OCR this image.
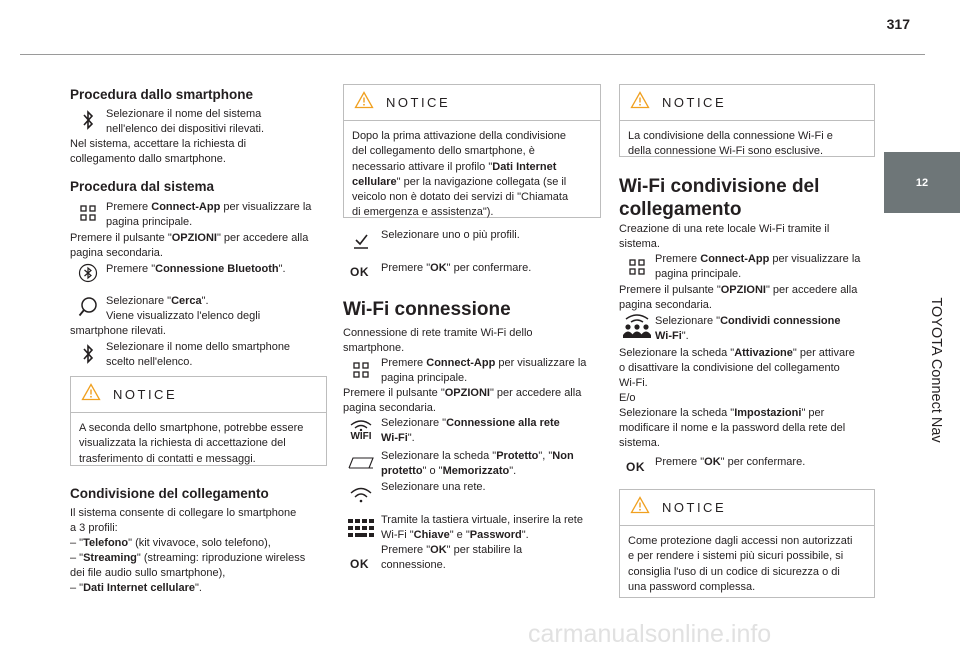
317
12
TOYOTA Connect Nav
Procedura dallo smartphone

Selezionare il nome del sistema

nell'elenco dei dispositivi rilevati.

Nel sistema, accettare la richiesta di

collegamento dallo smartphone.

Procedura dal sistema

Premere Connect-App per visualizzare la

pagina principale.

Premere il pulsante "OPZIONI" per accedere alla

pagina secondaria.

Premere "Connessione Bluetooth".

Selezionare "Cerca".

Viene visualizzato l'elenco degli

smartphone rilevati.

Selezionare il nome dello smartphone

scelto nell'elenco.

NOTICE

A seconda dello smartphone, potrebbe essere

visualizzata la richiesta di accettazione del

trasferimento di contatti e messaggi.

Condivisione del collegamento

Il sistema consente di collegare lo smartphone

a 3 profili:

– "Telefono" (kit vivavoce, solo telefono),

– "Streaming" (streaming: riproduzione wireless

dei file audio sullo smartphone),

– "Dati Internet cellulare".

NOTICE

Dopo la prima attivazione della condivisione

del collegamento dello smartphone, è

necessario attivare il profilo "Dati Internet

cellulare" per la navigazione collegata (se il

veicolo non è dotato dei servizi di "Chiamata

di emergenza e assistenza").

Selezionare uno o più profili.

OK Premere "OK" per confermare.

Wi-Fi connessione

Connessione di rete tramite Wi-Fi dello

smartphone.

Premere Connect-App per visualizzare la

pagina principale.

Premere il pulsante "OPZIONI" per accedere alla

pagina secondaria.

WIFI

Selezionare "Connessione alla rete

Wi-Fi".

Selezionare la scheda "Protetto", "Non

protetto" o "Memorizzato".

Selezionare una rete.

Tramite la tastiera virtuale, inserire la rete

Wi-Fi "Chiave" e "Password".

OK

Premere "OK" per stabilire la

connessione.

NOTICE

La condivisione della connessione Wi-Fi e

della connessione Wi-Fi sono esclusive.

Wi-Fi condivisione del
collegamento

Creazione di una rete locale Wi-Fi tramite il

sistema.

Premere Connect-App per visualizzare la

pagina principale.

Premere il pulsante "OPZIONI" per accedere alla

pagina secondaria.

Selezionare "Condividi connessione

Wi-Fi".

Selezionare la scheda "Attivazione" per attivare

o disattivare la condivisione del collegamento

Wi-Fi.

E/o

Selezionare la scheda "Impostazioni" per

modificare il nome e la password della rete del

sistema.

OK Premere "OK" per confermare.

NOTICE

Come protezione dagli accessi non autorizzati

e per rendere i sistemi più sicuri possibile, si

consiglia l'uso di un codice di sicurezza o di

una password complessa.

carmanualsonline.info
